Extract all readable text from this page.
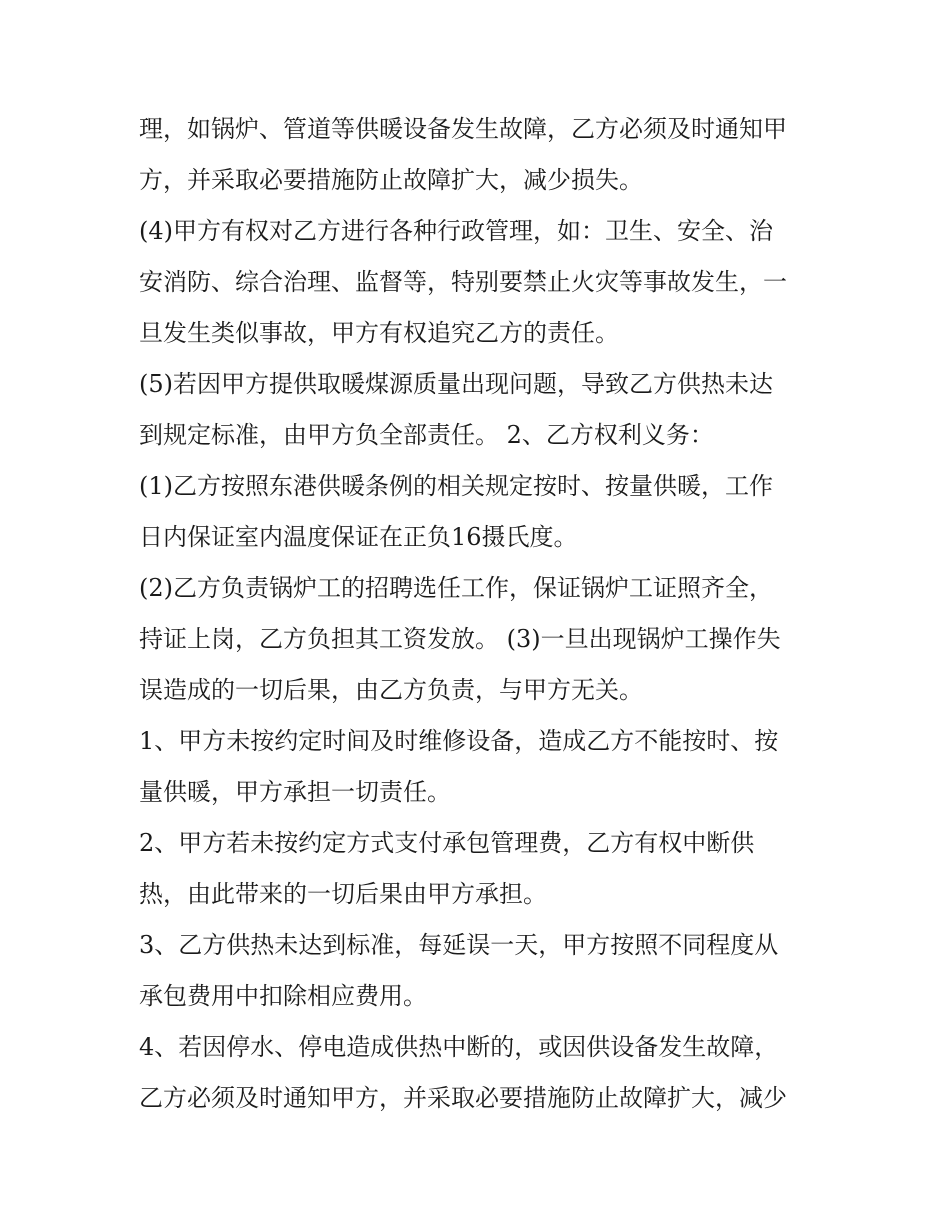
理，如锅炉、管道等供暖设备发生故障，乙方必须及时通知甲
方，并采取必要措施防止故障扩大，减少损失。
(4)甲方有权对乙方进行各种行政管理，如：卫生、安全、治
安消防、综合治理、监督等，特别要禁止火灾等事故发生，一
旦发生类似事故，甲方有权追究乙方的责任。
(5)若因甲方提供取暖煤源质量出现问题，导致乙方供热未达
到规定标准，由甲方负全部责任。 2、乙方权利义务：
(1)乙方按照东港供暖条例的相关规定按时、按量供暖，工作
日内保证室内温度保证在正负16摄氏度。
(2)乙方负责锅炉工的招聘选任工作，保证锅炉工证照齐全，
持证上岗，乙方负担其工资发放。 (3)一旦出现锅炉工操作失
误造成的一切后果，由乙方负责，与甲方无关。
1、甲方未按约定时间及时维修设备，造成乙方不能按时、按
量供暖，甲方承担一切责任。
2、甲方若未按约定方式支付承包管理费，乙方有权中断供
热，由此带来的一切后果由甲方承担。
3、乙方供热未达到标准，每延误一天，甲方按照不同程度从
承包费用中扣除相应费用。
4、若因停水、停电造成供热中断的，或因供设备发生故障，
乙方必须及时通知甲方，并采取必要措施防止故障扩大，减少
